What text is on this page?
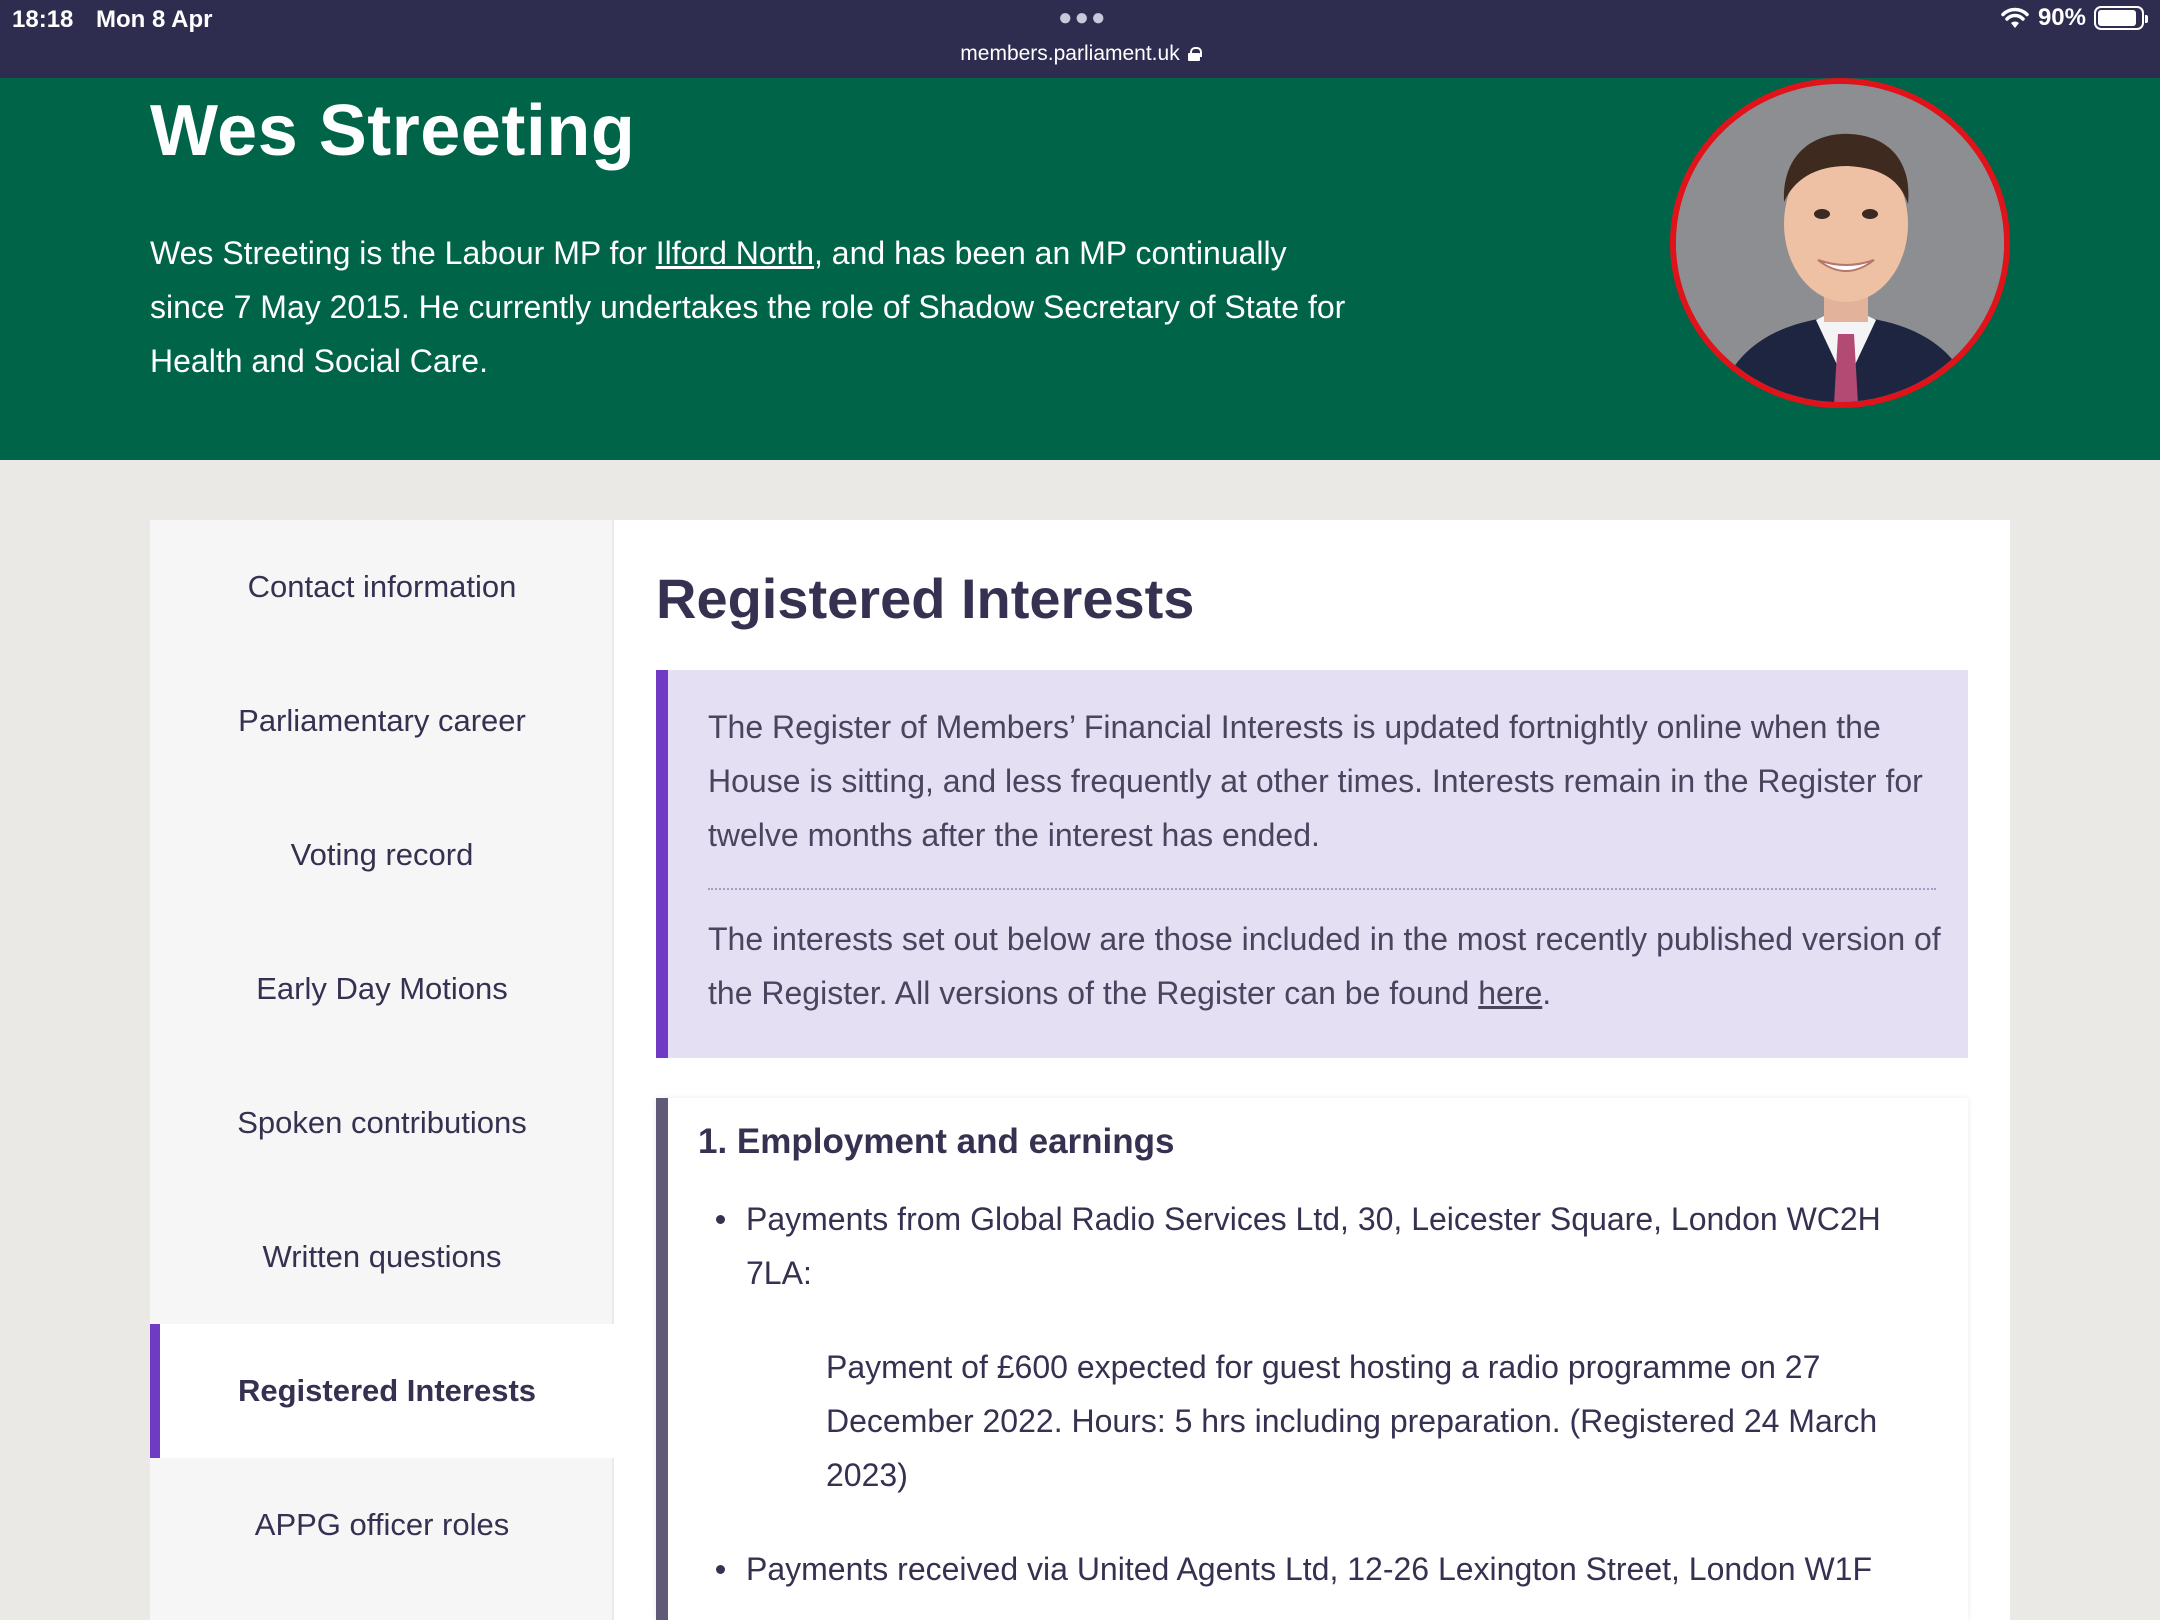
18:18 Mon 8 Apr	●●●
members.parliament.uk
90%
Wes Streeting

Wes Streeting is the Labour MP for Ilford North, and has been an MP continually since 7 May 2015. He currently undertakes the role of Shadow Secretary of State for Health and Social Care.

Contact information
Parliamentary career
Voting record
Early Day Motions
Spoken contributions
Written questions
Registered Interests
APPG officer roles
Registered Interests

The Register of Members’ Financial Interests is updated fortnightly online when the House is sitting, and less frequently at other times. Interests remain in the Register for twelve months after the interest has ended.

The interests set out below are those included in the most recently published version of the Register. All versions of the Register can be found here.

1. Employment and earnings
Payments from Global Radio Services Ltd, 30, Leicester Square, London WC2H 7LA:
Payment of £600 expected for guest hosting a radio programme on 27 December 2022. Hours: 5 hrs including preparation. (Registered 24 March 2023)
Payments received via United Agents Ltd, 12-26 Lexington Street, London W1F
